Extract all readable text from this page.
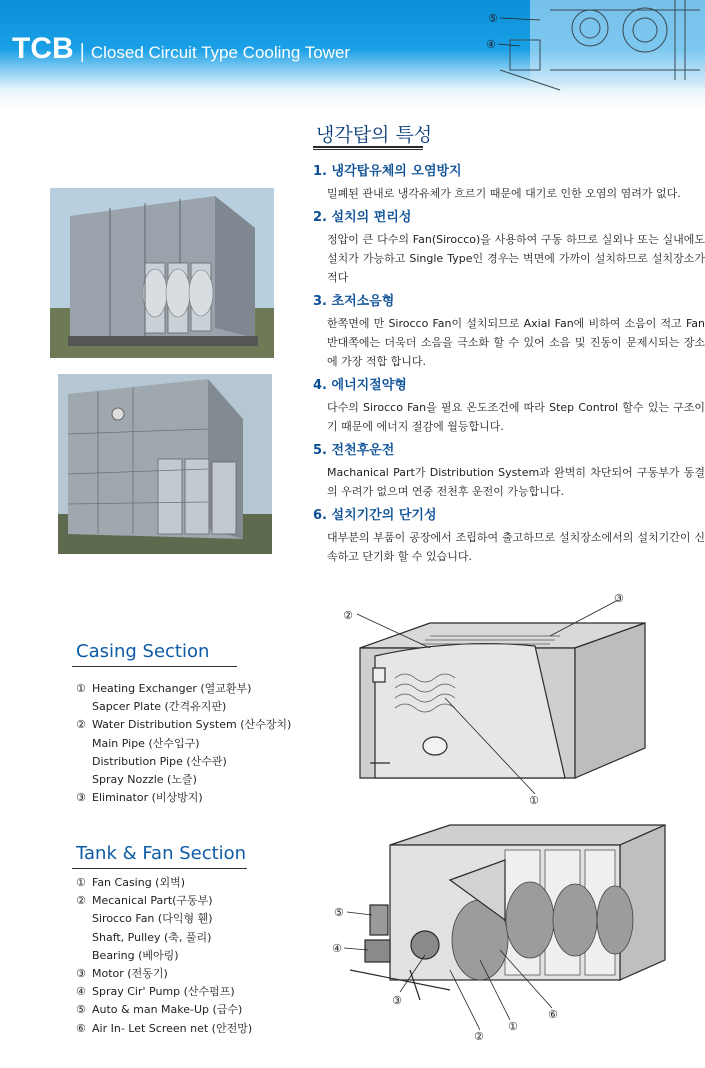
TCB | Closed Circuit Type Cooling Tower
⑤
④
냉각탑의 특성
1. 냉각탑유체의 오염방지

밀폐된 관내로 냉각유체가 흐르기 때문에 대기로 인한 오염의 염려가 없다.

2. 설치의 편리성

정압이 큰 다수의 Fan(Sirocco)을 사용하여 구동 하므로 실외나 또는 실내에도 설치가 가능하고 Single Type인 경우는 벽면에 가까이 설치하므로 설치장소가 적다

3. 초저소음형

한쪽면에 만 Sirocco Fan이 설치되므로 Axial Fan에 비하여 소음이 적고 Fan 반대쪽에는 더욱더 소음을 극소화 할 수 있어 소음 및 진동이 문제시되는 장소에 가장 적합 합니다.

4. 에너지절약형

다수의 Sirocco Fan을 필요 온도조건에 따라 Step Control 할수 있는 구조이기 때문에 에너지 절감에 월등합니다.

5. 전천후운전

Machanical Part가 Distribution System과 완벽히 차단되어 구동부가 동결의 우려가 없으며 연중 전천후 운전이 가능합니다.

6. 설치기간의 단기성

대부분의 부품이 공장에서 조립하여 출고하므로 설치장소에서의 설치기간이 신속하고 단기화 할 수 있습니다.

Casing Section
① Heating Exchanger (열교환부)
Sapcer Plate (간격유지판)
② Water Distribution System (산수장치)
Main Pipe (산수입구)
Distribution Pipe (산수관)
Spray Nozzle (노즐)
③ Eliminator (비상방지)
Tank & Fan Section
① Fan Casing (외벽)
② Mecanical Part(구동부)
Sirocco Fan (다익형 휀)
Shaft, Pulley (축, 풀리)
Bearing (베아링)
③ Motor (전동기)
④ Spray Cir' Pump (산수펌프)
⑤ Auto & man Make-Up (급수)
⑥ Air In- Let Screen net (안전망)
②
③
①
⑤
④
③
②
①
⑥
